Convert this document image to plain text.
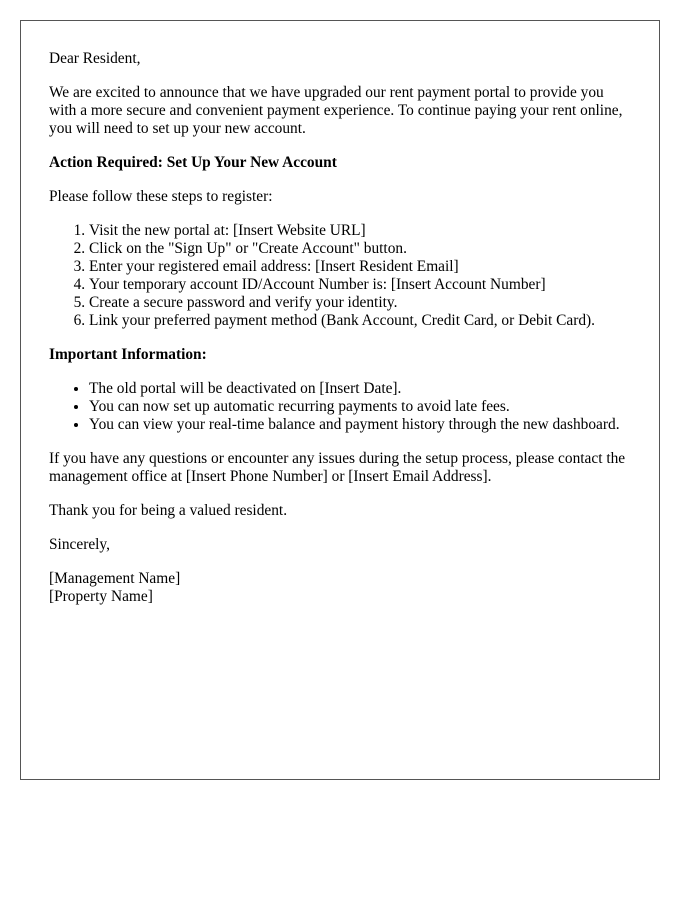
Dear Resident,

We are excited to announce that we have upgraded our rent payment portal to provide you with a more secure and convenient payment experience. To continue paying your rent online, you will need to set up your new account.

Action Required: Set Up Your New Account

Please follow these steps to register:

1. Visit the new portal at: [Insert Website URL]
2. Click on the "Sign Up" or "Create Account" button.
3. Enter your registered email address: [Insert Resident Email]
4. Your temporary account ID/Account Number is: [Insert Account Number]
5. Create a secure password and verify your identity.
6. Link your preferred payment method (Bank Account, Credit Card, or Debit Card).

Important Information:

• The old portal will be deactivated on [Insert Date].
• You can now set up automatic recurring payments to avoid late fees.
• You can view your real-time balance and payment history through the new dashboard.

If you have any questions or encounter any issues during the setup process, please contact the management office at [Insert Phone Number] or [Insert Email Address].

Thank you for being a valued resident.

Sincerely,

[Management Name]

[Property Name]
